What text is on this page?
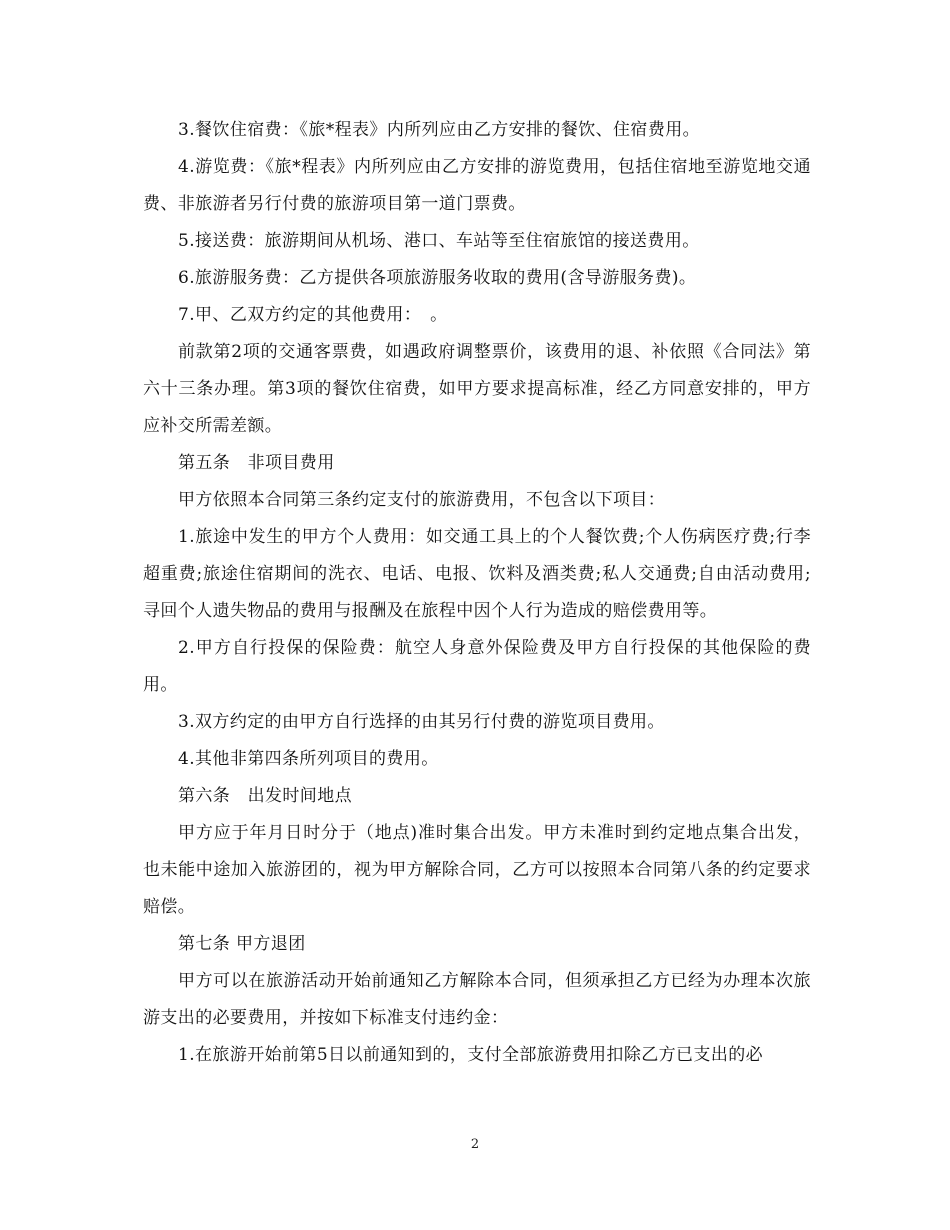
3.餐饮住宿费：《旅*程表》内所列应由乙方安排的餐饮、住宿费用。

4.游览费：《旅*程表》内所列应由乙方安排的游览费用，包括住宿地至游览地交通费、非旅游者另行付费的旅游项目第一道门票费。

5.接送费：旅游期间从机场、港口、车站等至住宿旅馆的接送费用。

6.旅游服务费：乙方提供各项旅游服务收取的费用(含导游服务费)。

7.甲、乙双方约定的其他费用：　。

前款第2项的交通客票费，如遇政府调整票价，该费用的退、补依照《合同法》第六十三条办理。第3项的餐饮住宿费，如甲方要求提高标准，经乙方同意安排的，甲方应补交所需差额。

第五条　非项目费用

甲方依照本合同第三条约定支付的旅游费用，不包含以下项目：

1.旅途中发生的甲方个人费用：如交通工具上的个人餐饮费;个人伤病医疗费;行李超重费;旅途住宿期间的洗衣、电话、电报、饮料及酒类费;私人交通费;自由活动费用;寻回个人遗失物品的费用与报酬及在旅程中因个人行为造成的赔偿费用等。

2.甲方自行投保的保险费：航空人身意外保险费及甲方自行投保的其他保险的费用。

3.双方约定的由甲方自行选择的由其另行付费的游览项目费用。

4.其他非第四条所列项目的费用。

第六条　出发时间地点

甲方应于年月日时分于（地点)准时集合出发。甲方未准时到约定地点集合出发，也未能中途加入旅游团的，视为甲方解除合同，乙方可以按照本合同第八条的约定要求赔偿。

第七条 甲方退团

甲方可以在旅游活动开始前通知乙方解除本合同，但须承担乙方已经为办理本次旅游支出的必要费用，并按如下标准支付违约金：

1.在旅游开始前第5日以前通知到的，支付全部旅游费用扣除乙方已支出的必

2
